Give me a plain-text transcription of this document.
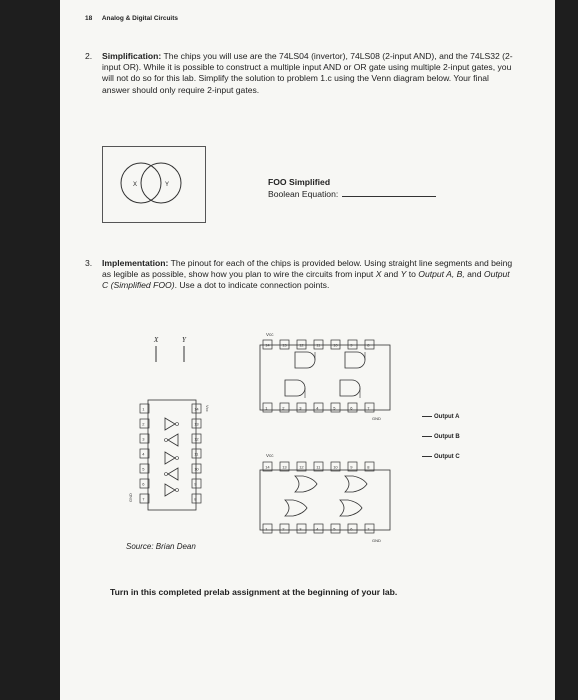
18 Analog & Digital Circuits
2. Simplification: The chips you will use are the 74LS04 (invertor), 74LS08 (2-input AND), and the 74LS32 (2-input OR). While it is possible to construct a multiple input AND or OR gate using multiple 2-input gates, you will not do so for this lab. Simplify the solution to problem 1.c using the Venn diagram below. Your final answer should only require 2-input gates.
X	Y	FOO Simplified
Boolean Equation:
3. Implementation: The pinout for each of the chips is provided below. Using straight line segments and being as legible as possible, show how you plan to wire the circuits from input X and Y to Output A, B, and Output C (Simplified FOO). Use a dot to indicate connection points.
X	Y
Vcc
14	13	12	11	10	9	8
1	2	3	4	5	6	7
GND
Vcc
14	13	12	11	10	9	8
1	2	3	4	5	6	7
GND
1
2
3
4
5
6
7
14
13
12
11
10
9
8
GND
Vcc
Output A
Output B
Output C
Source: Brian Dean
Turn in this completed prelab assignment at the beginning of your lab.
